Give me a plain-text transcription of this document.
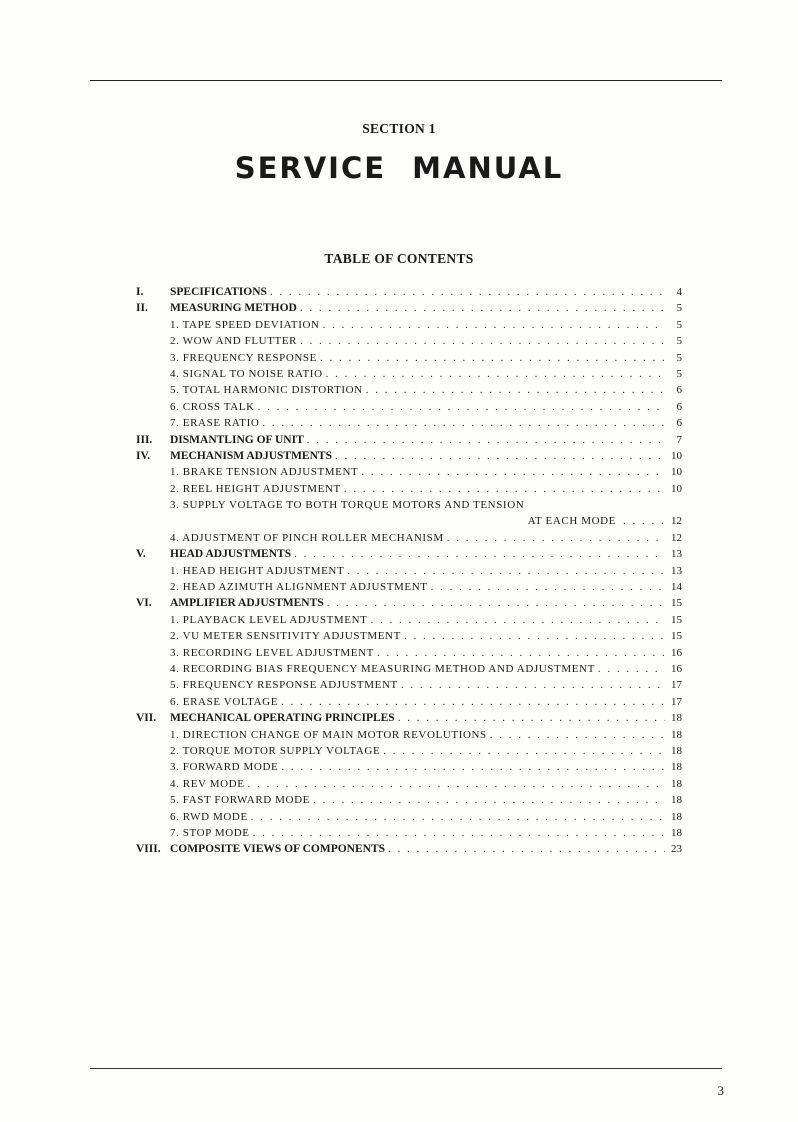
SECTION 1
SERVICE MANUAL
TABLE OF CONTENTS
I.	SPECIFICATIONS . . .	4
II.	MEASURING METHOD . . .	5
1. TAPE SPEED DEVIATION . . .	5
2. WOW AND FLUTTER . . .	5
3. FREQUENCY RESPONSE . . .	5
4. SIGNAL TO NOISE RATIO . . .	5
5. TOTAL HARMONIC DISTORTION . . .	6
6. CROSS TALK . . .	6
7. ERASE RATIO . . .	6
III.	DISMANTLING OF UNIT . . .	7
IV.	MECHANISM ADJUSTMENTS . . .	10
1. BRAKE TENSION ADJUSTMENT . . .	10
2. REEL HEIGHT ADJUSTMENT . . .	10
3. SUPPLY VOLTAGE TO BOTH TORQUE MOTORS AND TENSION
AT EACH MODE . . .	12
4. ADJUSTMENT OF PINCH ROLLER MECHANISM . . .	12
V.	HEAD ADJUSTMENTS . . .	13
1. HEAD HEIGHT ADJUSTMENT . . .	13
2. HEAD AZIMUTH ALIGNMENT ADJUSTMENT . . .	14
VI.	AMPLIFIER ADJUSTMENTS . . .	15
1. PLAYBACK LEVEL ADJUSTMENT . . .	15
2. VU METER SENSITIVITY ADJUSTMENT . . .	15
3. RECORDING LEVEL ADJUSTMENT . . .	16
4. RECORDING BIAS FREQUENCY MEASURING METHOD AND ADJUSTMENT . . .	16
5. FREQUENCY RESPONSE ADJUSTMENT . . .	17
6. ERASE VOLTAGE . . .	17
VII.	MECHANICAL OPERATING PRINCIPLES . . .	18
1. DIRECTION CHANGE OF MAIN MOTOR REVOLUTIONS . . .	18
2. TORQUE MOTOR SUPPLY VOLTAGE . . .	18
3. FORWARD MODE . . .	18
4. REV MODE . . .	18
5. FAST FORWARD MODE . . .	18
6. RWD MODE . . .	18
7. STOP MODE . . .	18
VIII. COMPOSITE VIEWS OF COMPONENTS . . .	23
3
